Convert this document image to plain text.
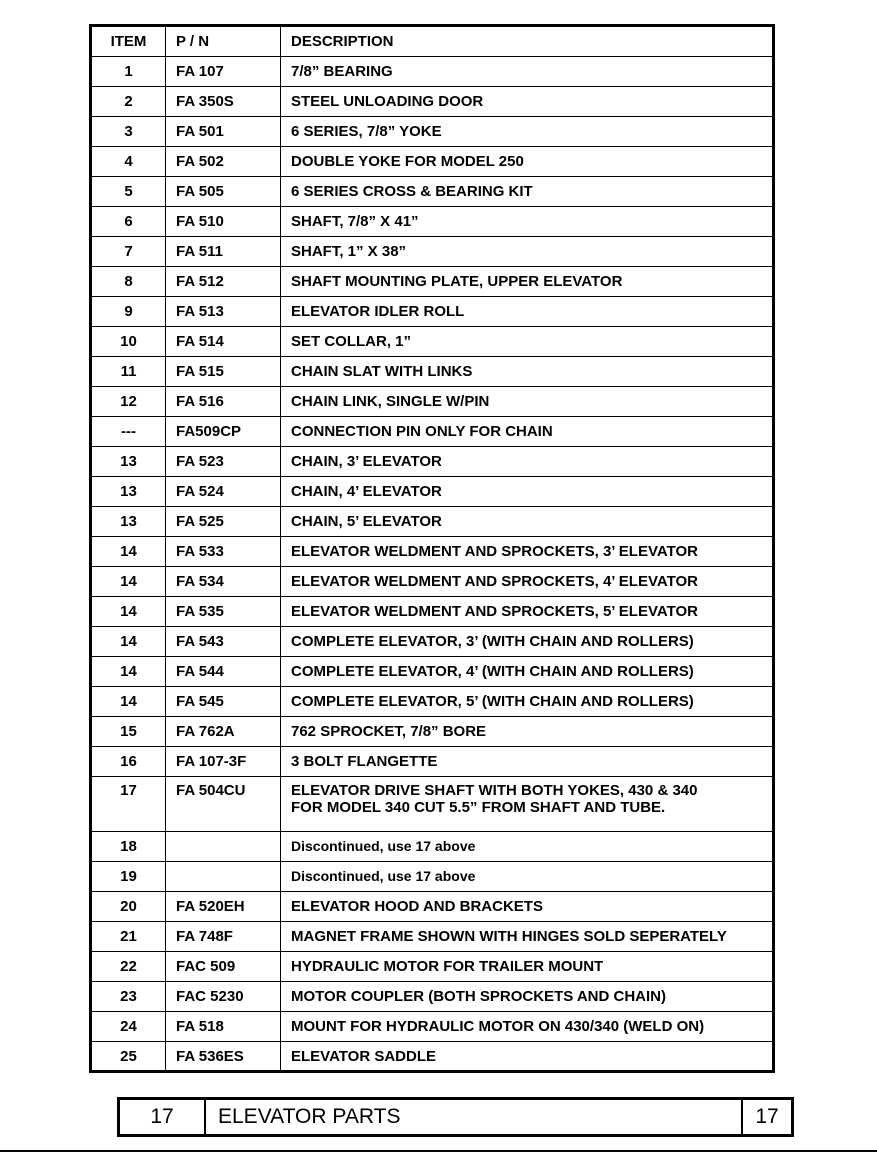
ITEM	P / N	DESCRIPTION
1	FA 107	7/8” BEARING
2	FA 350S	STEEL UNLOADING DOOR
3	FA 501	6 SERIES, 7/8” YOKE
4	FA 502	DOUBLE YOKE FOR MODEL 250
5	FA 505	6 SERIES CROSS & BEARING KIT
6	FA 510	SHAFT, 7/8” X 41”
7	FA 511	SHAFT, 1” X 38”
8	FA 512	SHAFT MOUNTING PLATE, UPPER ELEVATOR
9	FA 513	ELEVATOR IDLER ROLL
10	FA 514	SET COLLAR, 1”
11	FA 515	CHAIN SLAT WITH LINKS
12	FA 516	CHAIN LINK, SINGLE W/PIN
---	FA509CP	CONNECTION PIN ONLY FOR CHAIN
13	FA 523	CHAIN, 3’ ELEVATOR
13	FA 524	CHAIN, 4’ ELEVATOR
13	FA 525	CHAIN, 5’ ELEVATOR
14	FA 533	ELEVATOR WELDMENT AND SPROCKETS, 3’ ELEVATOR
14	FA 534	ELEVATOR WELDMENT AND SPROCKETS, 4’ ELEVATOR
14	FA 535	ELEVATOR WELDMENT AND SPROCKETS, 5’ ELEVATOR
14	FA 543	COMPLETE ELEVATOR, 3’ (WITH CHAIN AND ROLLERS)
14	FA 544	COMPLETE ELEVATOR, 4’ (WITH CHAIN AND ROLLERS)
14	FA 545	COMPLETE ELEVATOR, 5’ (WITH CHAIN AND ROLLERS)
15	FA 762A	762 SPROCKET, 7/8” BORE
16	FA 107-3F	3 BOLT FLANGETTE
17	FA 504CU	ELEVATOR DRIVE SHAFT WITH BOTH YOKES, 430 & 340
FOR MODEL 340 CUT 5.5” FROM SHAFT AND TUBE.

18		Discontinued, use 17 above
19		Discontinued, use 17 above
20	FA 520EH	ELEVATOR HOOD AND BRACKETS
21	FA 748F	MAGNET FRAME SHOWN WITH HINGES SOLD SEPERATELY
22	FAC 509	HYDRAULIC MOTOR FOR TRAILER MOUNT
23	FAC 5230	MOTOR COUPLER (BOTH SPROCKETS AND CHAIN)
24	FA 518	MOUNT FOR HYDRAULIC MOTOR ON 430/340 (WELD ON)
25	FA 536ES	ELEVATOR SADDLE
17	ELEVATOR PARTS	17
